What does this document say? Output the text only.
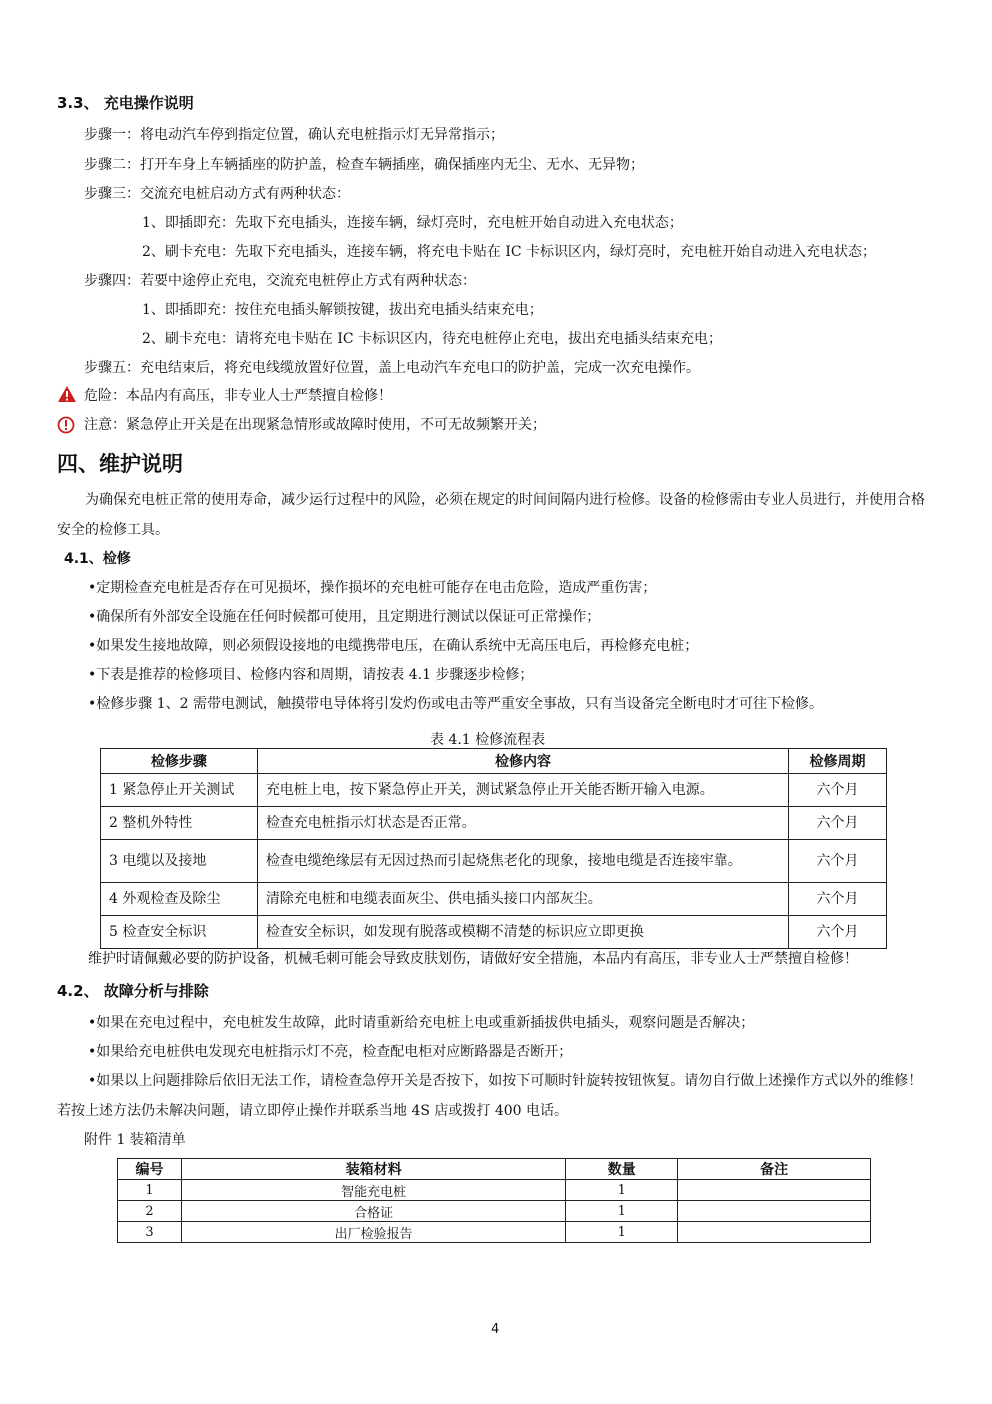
3.3、 充电操作说明
步骤一：将电动汽车停到指定位置，确认充电桩指示灯无异常指示；
步骤二：打开车身上车辆插座的防护盖，检查车辆插座，确保插座内无尘、无水、无异物；
步骤三：交流充电桩启动方式有两种状态：
1、即插即充：先取下充电插头，连接车辆，绿灯亮时，充电桩开始自动进入充电状态；
2、刷卡充电：先取下充电插头，连接车辆，将充电卡贴在 IC 卡标识区内，绿灯亮时，充电桩开始自动进入充电状态；
步骤四：若要中途停止充电，交流充电桩停止方式有两种状态：
1、即插即充：按住充电插头解锁按键，拔出充电插头结束充电；
2、刷卡充电：请将充电卡贴在 IC 卡标识区内，待充电桩停止充电，拔出充电插头结束充电；
步骤五：充电结束后，将充电线缆放置好位置，盖上电动汽车充电口的防护盖，完成一次充电操作。
危险：本品内有高压，非专业人士严禁擅自检修！
注意：紧急停止开关是在出现紧急情形或故障时使用，不可无故频繁开关；
四、维护说明
为确保充电桩正常的使用寿命，减少运行过程中的风险，必须在规定的时间间隔内进行检修。设备的检修需由专业人员进行，并使用合格安全的检修工具。
4.1、检修
•定期检查充电桩是否存在可见损坏，操作损坏的充电桩可能存在电击危险，造成严重伤害；
•确保所有外部安全设施在任何时候都可使用，且定期进行测试以保证可正常操作；
•如果发生接地故障，则必须假设接地的电缆携带电压，在确认系统中无高压电后，再检修充电桩；
•下表是推荐的检修项目、检修内容和周期，请按表 4.1 步骤逐步检修；
•检修步骤 1、2 需带电测试，触摸带电导体将引发灼伤或电击等严重安全事故，只有当设备完全断电时才可往下检修。
表 4.1 检修流程表
检修步骤	检修内容	检修周期
1 紧急停止开关测试	充电桩上电，按下紧急停止开关，测试紧急停止开关能否断开输入电源。	六个月
2 整机外特性	检查充电桩指示灯状态是否正常。	六个月
3 电缆以及接地	检查电缆绝缘层有无因过热而引起烧焦老化的现象，接地电缆是否连接牢靠。	六个月
4 外观检查及除尘	清除充电桩和电缆表面灰尘、供电插头接口内部灰尘。	六个月
5 检查安全标识	检查安全标识，如发现有脱落或模糊不清楚的标识应立即更换	六个月
维护时请佩戴必要的防护设备，机械毛刺可能会导致皮肤划伤，请做好安全措施，本品内有高压，非专业人士严禁擅自检修！
4.2、 故障分析与排除
•如果在充电过程中，充电桩发生故障，此时请重新给充电桩上电或重新插拔供电插头，观察问题是否解决；
•如果给充电桩供电发现充电桩指示灯不亮，检查配电柜对应断路器是否断开；
•如果以上问题排除后依旧无法工作，请检查急停开关是否按下，如按下可顺时针旋转按钮恢复。请勿自行做上述操作方式以外的维修！ 若按上述方法仍未解决问题，请立即停止操作并联系当地 4S 店或拨打 400 电话。
附件 1 装箱清单
编号	装箱材料	数量	备注
1	智能充电桩	1	
2	合格证	1	
3	出厂检验报告	1	
4
